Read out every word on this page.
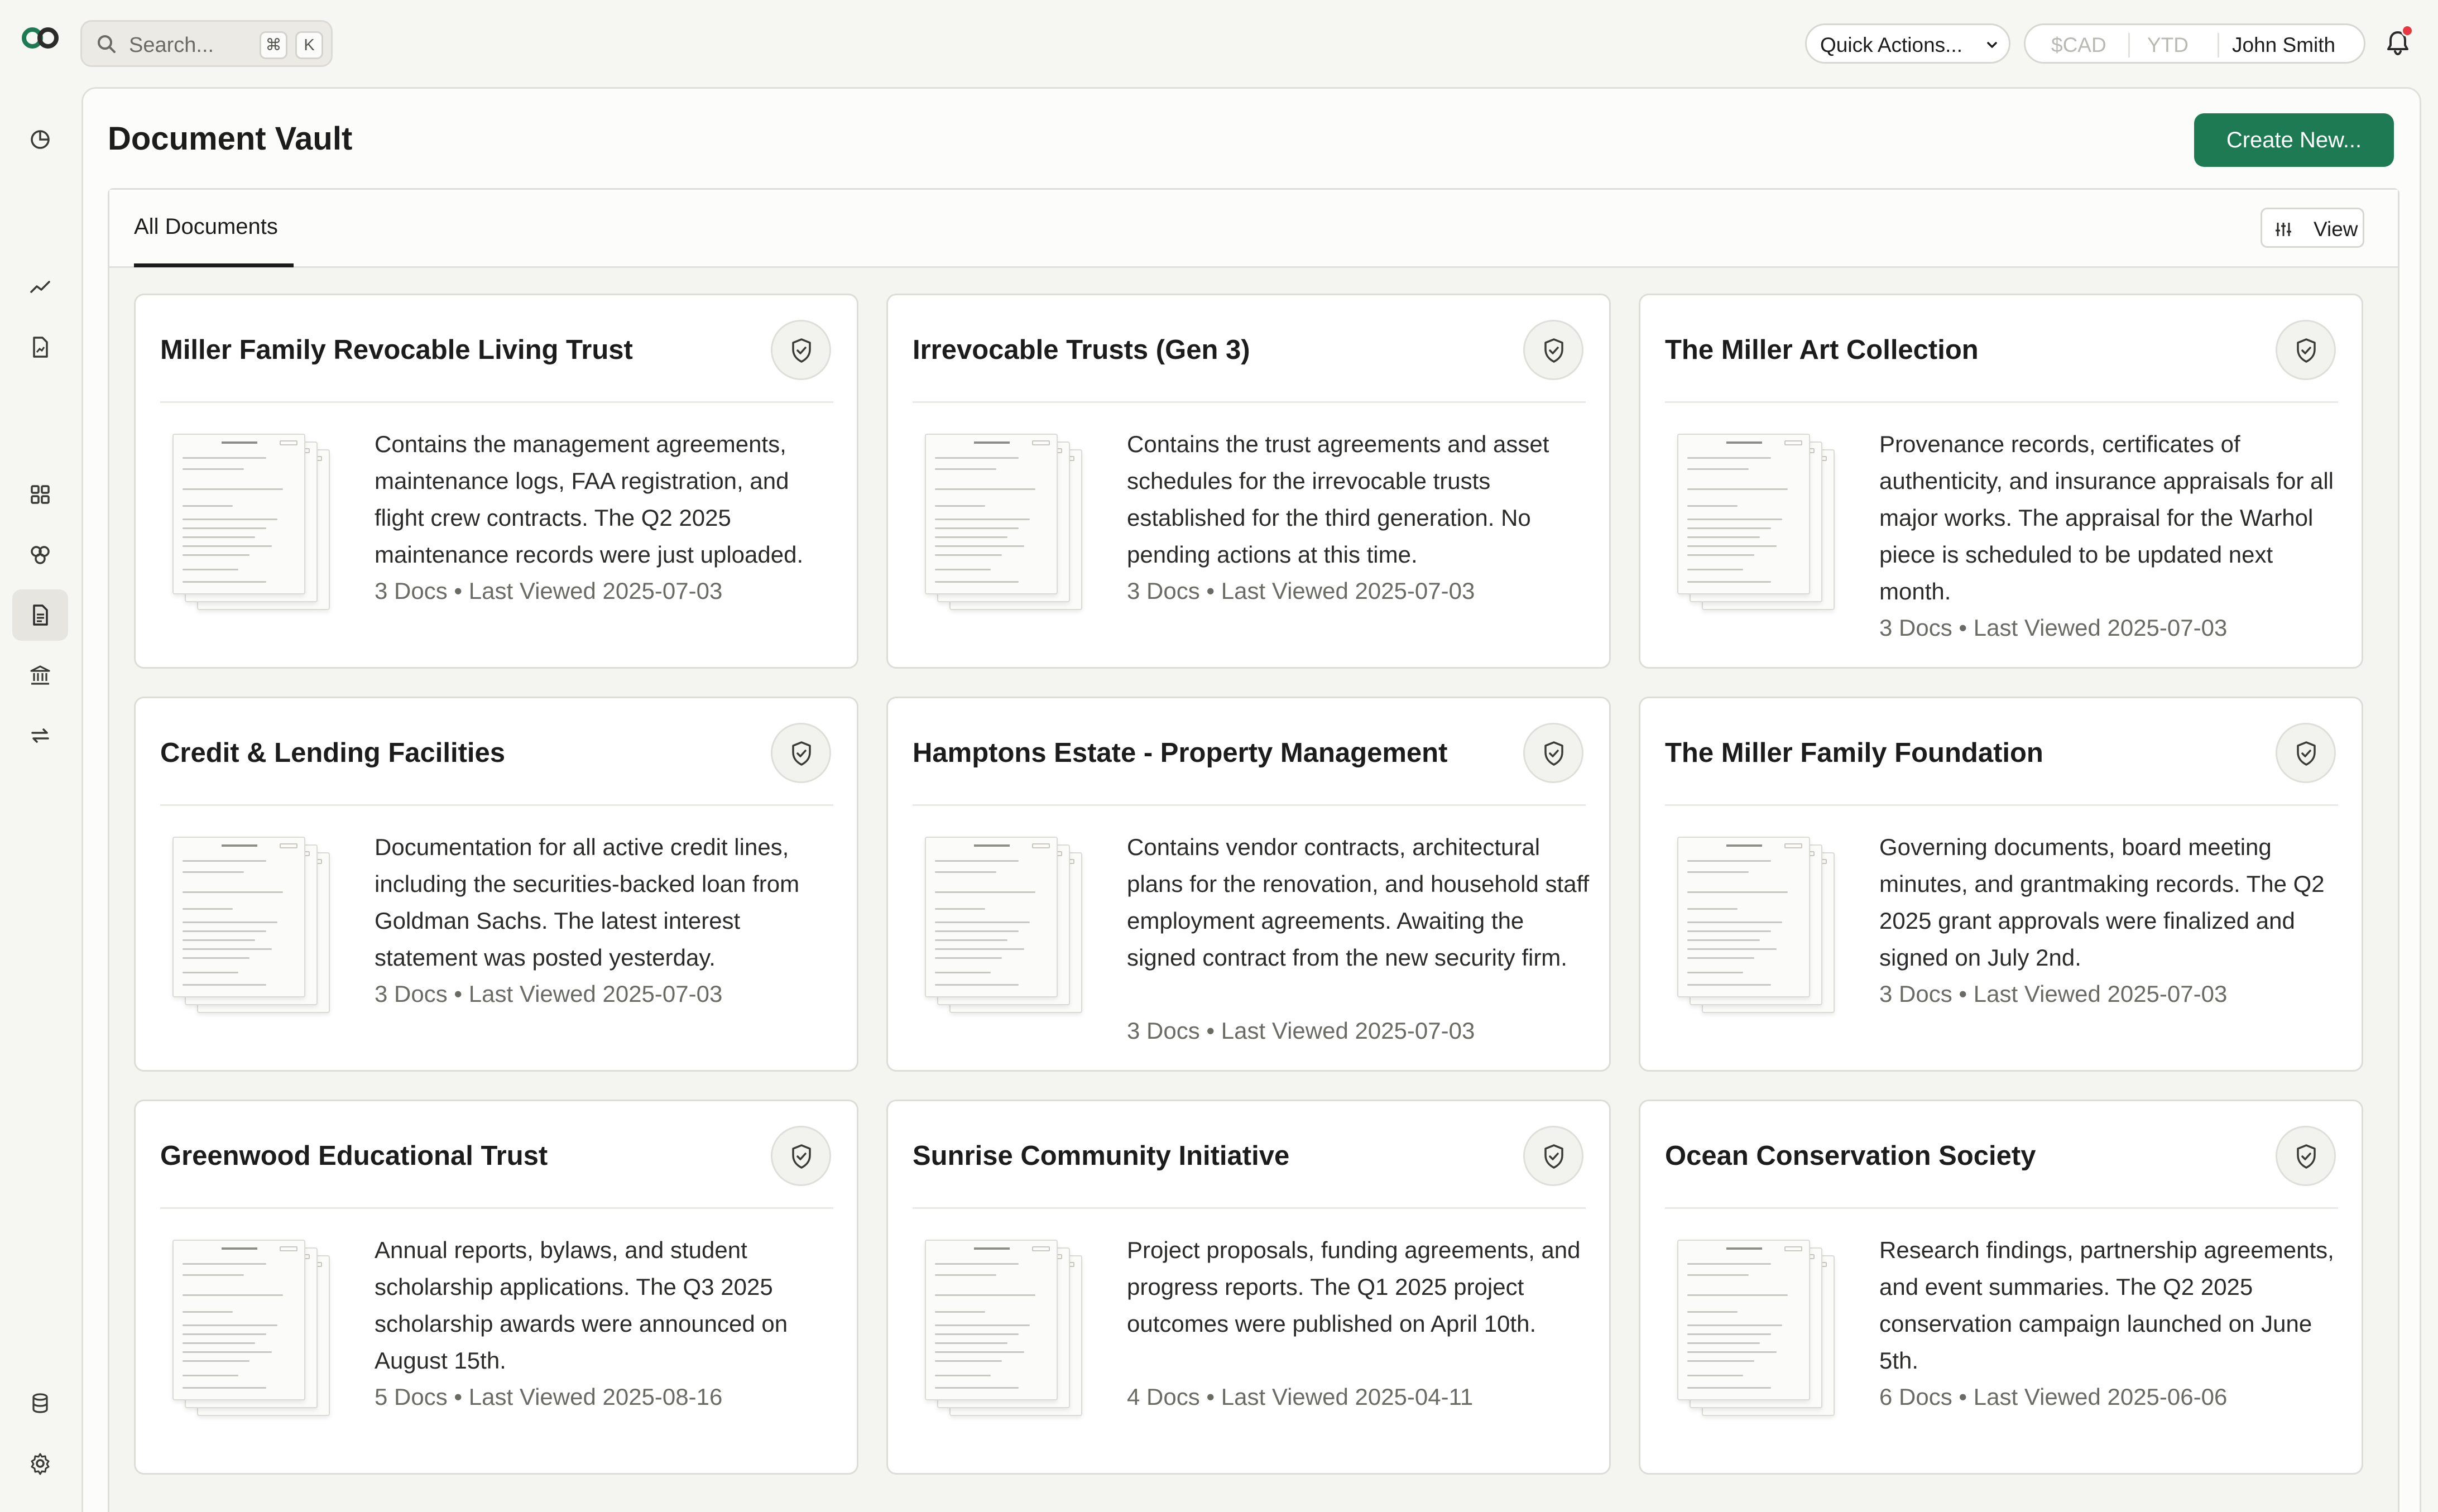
Search...	⌘	K	Quick Actions...	$CAD YTD John Smith
Document Vault	Create New...
All Documents	View
Miller Family Revocable Living Trust
Contains the management agreements, maintenance logs, FAA registration, and flight crew contracts. The Q2 2025 maintenance records were just uploaded.
3 Docs • Last Viewed 2025-07-03
Irrevocable Trusts (Gen 3)
Contains the trust agreements and asset schedules for the irrevocable trusts established for the third generation. No pending actions at this time.
3 Docs • Last Viewed 2025-07-03
The Miller Art Collection
Provenance records, certificates of authenticity, and insurance appraisals for all major works. The appraisal for the Warhol piece is scheduled to be updated next month.
3 Docs • Last Viewed 2025-07-03
Credit & Lending Facilities
Documentation for all active credit lines, including the securities-backed loan from Goldman Sachs. The latest interest statement was posted yesterday.
3 Docs • Last Viewed 2025-07-03
Hamptons Estate - Property Management
Contains vendor contracts, architectural plans for the renovation, and household staff employment agreements. Awaiting the signed contract from the new security firm.
3 Docs • Last Viewed 2025-07-03
The Miller Family Foundation
Governing documents, board meeting minutes, and grantmaking records. The Q2 2025 grant approvals were finalized and signed on July 2nd.
3 Docs • Last Viewed 2025-07-03
Greenwood Educational Trust
Annual reports, bylaws, and student scholarship applications. The Q3 2025 scholarship awards were announced on August 15th.
5 Docs • Last Viewed 2025-08-16
Sunrise Community Initiative
Project proposals, funding agreements, and progress reports. The Q1 2025 project outcomes were published on April 10th.
4 Docs • Last Viewed 2025-04-11
Ocean Conservation Society
Research findings, partnership agreements, and event summaries. The Q2 2025 conservation campaign launched on June 5th.
6 Docs • Last Viewed 2025-06-06
